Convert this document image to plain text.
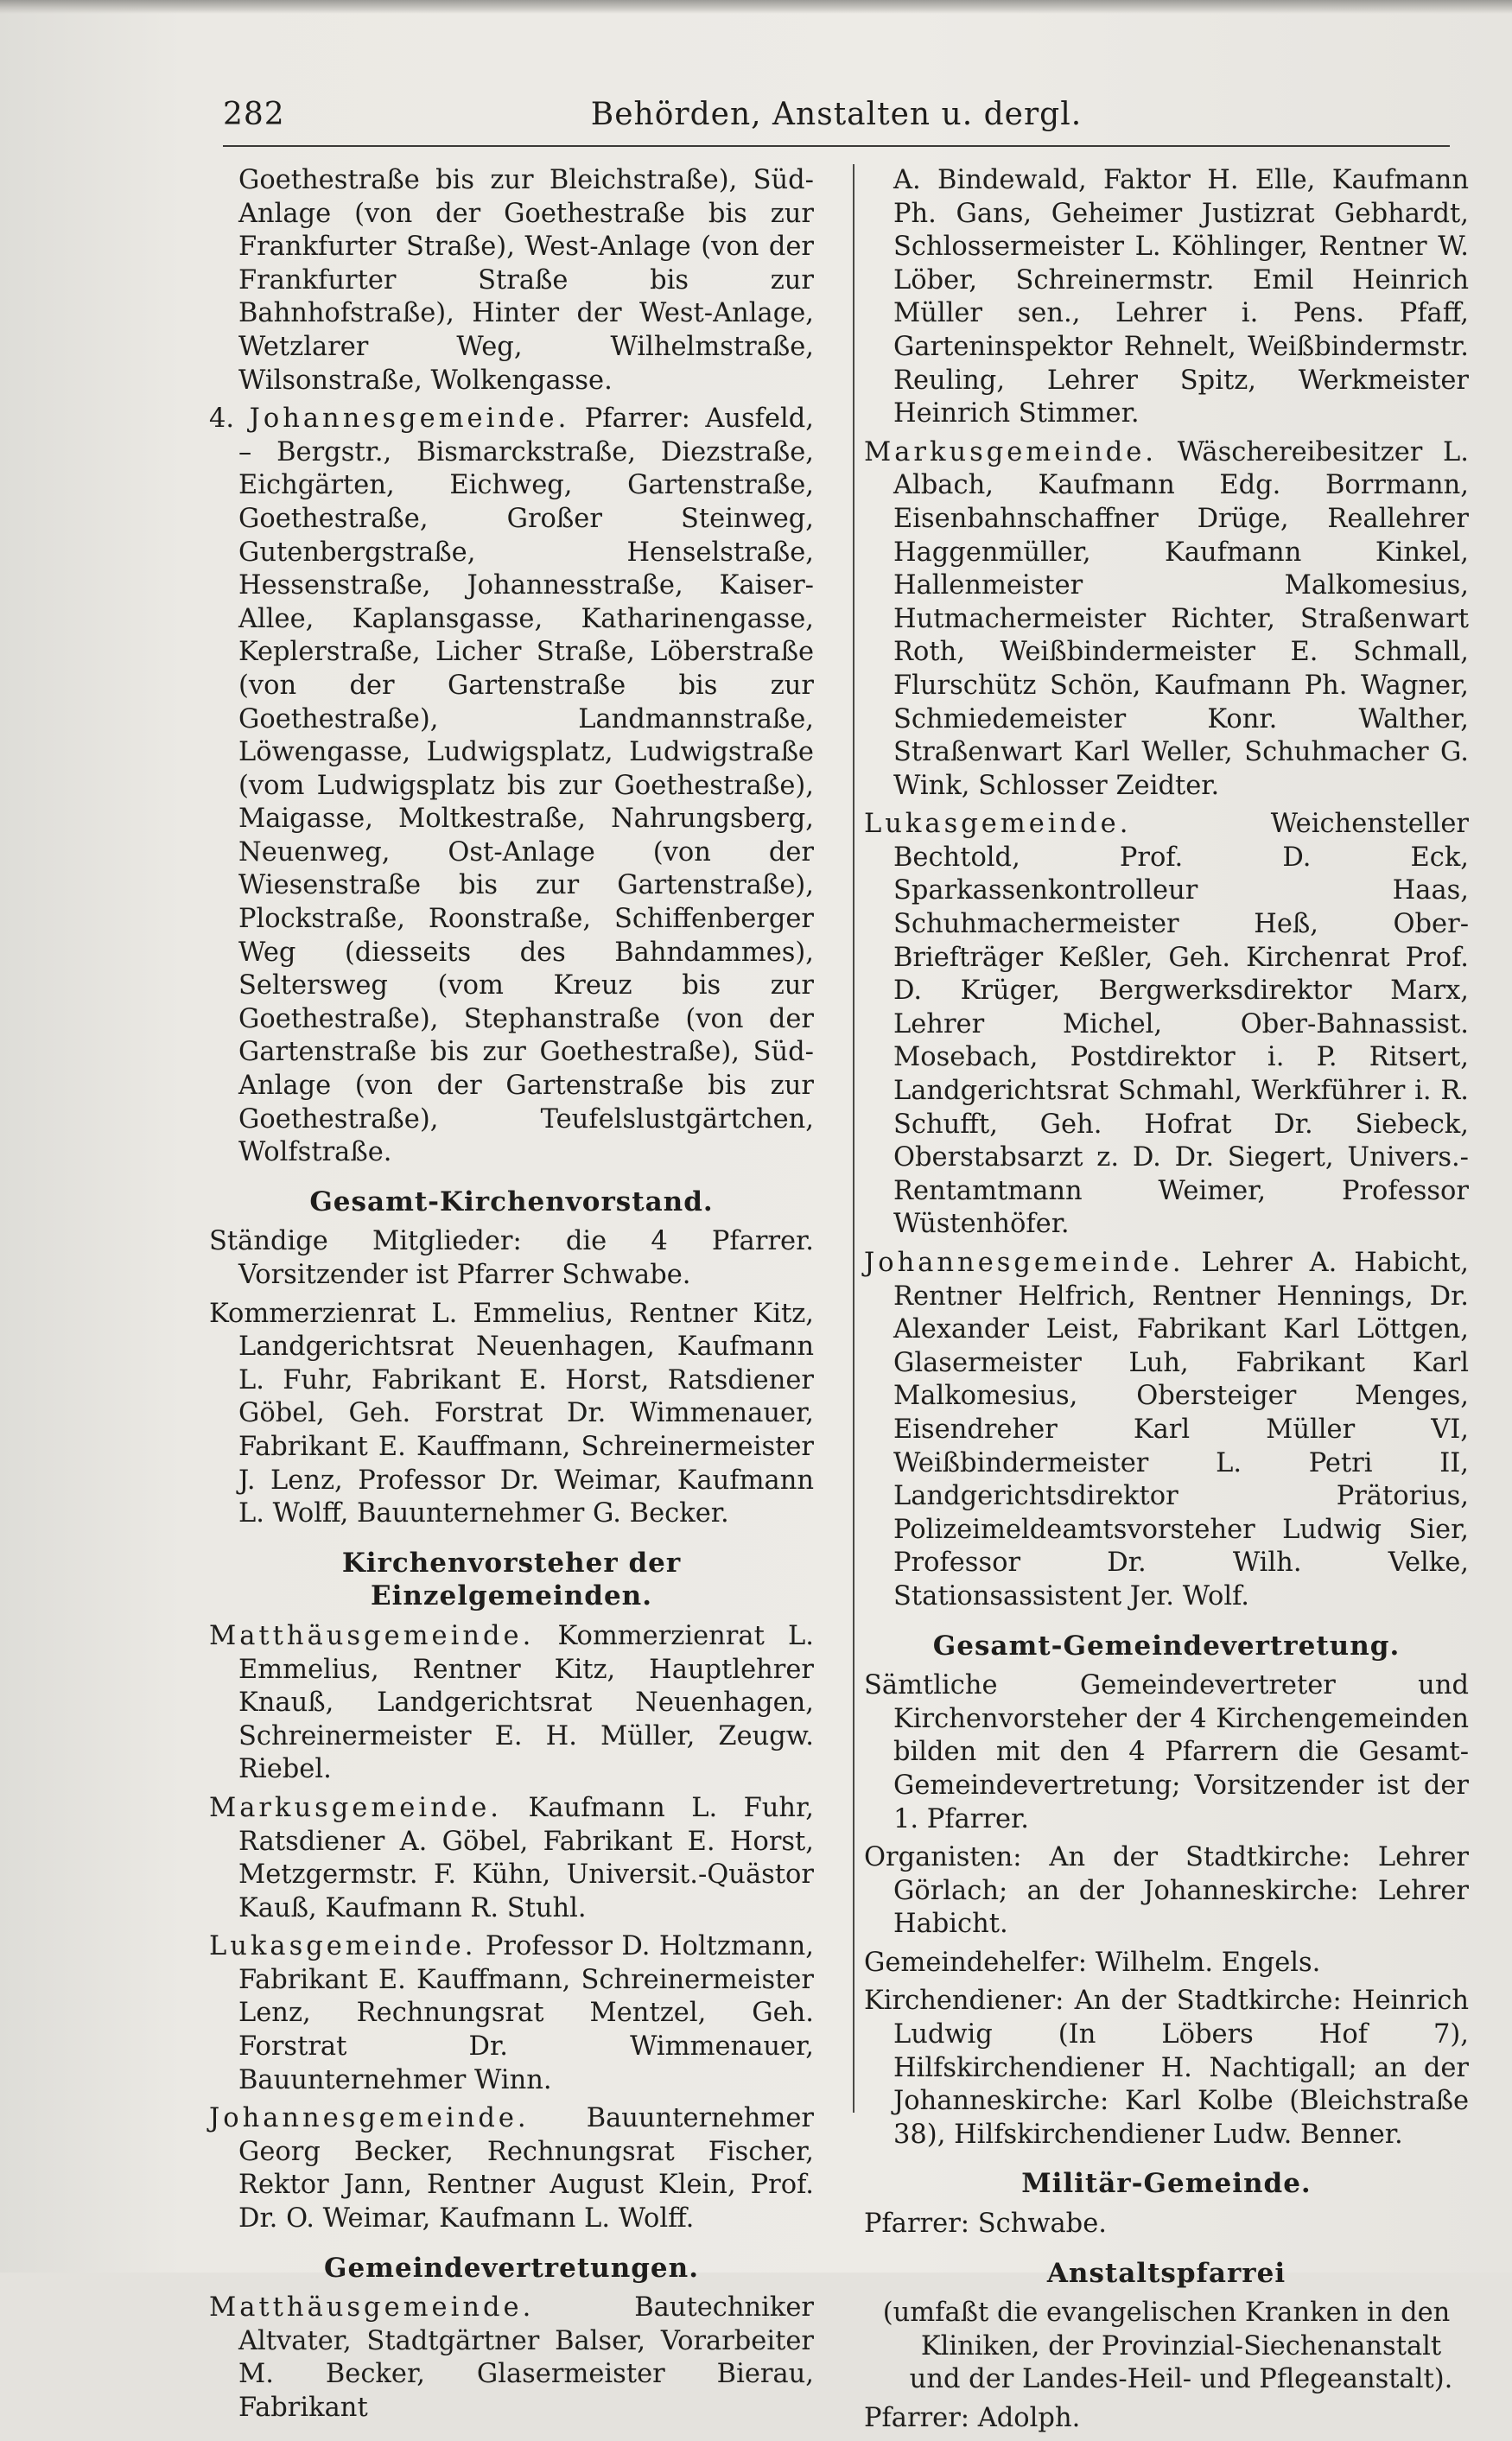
282	Behörden, Anstalten u. dergl.

Goethestraße bis zur Bleichstraße), Süd-Anlage (von der Goethestraße bis zur Frankfurter Straße), West-Anlage (von der Frankfurter Straße bis zur Bahnhofstraße), Hinter der West-Anlage, Wetzlarer Weg, Wilhelmstraße, Wilsonstraße, Wolkengasse.

4. Johannesgemeinde. Pfarrer: Ausfeld, – Bergstr., Bismarckstraße, Diezstraße, Eichgärten, Eichweg, Gartenstraße, Goethestraße, Großer Steinweg, Gutenbergstraße, Henselstraße, Hessenstraße, Johannesstraße, Kaiser-Allee, Kaplansgasse, Katharinengasse, Keplerstraße, Licher Straße, Löberstraße (von der Gartenstraße bis zur Goethestraße), Landmannstraße, Löwengasse, Ludwigsplatz, Ludwigstraße (vom Ludwigsplatz bis zur Goethestraße), Maigasse, Moltkestraße, Nahrungsberg, Neuenweg, Ost-Anlage (von der Wiesenstraße bis zur Gartenstraße), Plockstraße, Roonstraße, Schiffenberger Weg (diesseits des Bahndammes), Seltersweg (vom Kreuz bis zur Goethestraße), Stephanstraße (von der Gartenstraße bis zur Goethestraße), Süd-Anlage (von der Gartenstraße bis zur Goethestraße), Teufelslustgärtchen, Wolfstraße.

Gesamt-Kirchenvorstand.

Ständige Mitglieder: die 4 Pfarrer. Vorsitzender ist Pfarrer Schwabe.

Kommerzienrat L. Emmelius, Rentner Kitz, Landgerichtsrat Neuenhagen, Kaufmann L. Fuhr, Fabrikant E. Horst, Ratsdiener Göbel, Geh. Forstrat Dr. Wimmenauer, Fabrikant E. Kauffmann, Schreinermeister J. Lenz, Professor Dr. Weimar, Kaufmann L. Wolff, Bauunternehmer G. Becker.

Kirchenvorsteher der Einzelgemeinden.

Matthäusgemeinde. Kommerzienrat L. Emmelius, Rentner Kitz, Hauptlehrer Knauß, Landgerichtsrat Neuenhagen, Schreinermeister E. H. Müller, Zeugw. Riebel.

Markusgemeinde. Kaufmann L. Fuhr, Ratsdiener A. Göbel, Fabrikant E. Horst, Metzgermstr. F. Kühn, Universit.-Quästor Kauß, Kaufmann R. Stuhl.

Lukasgemeinde. Professor D. Holtzmann, Fabrikant E. Kauffmann, Schreinermeister Lenz, Rechnungsrat Mentzel, Geh. Forstrat Dr. Wimmenauer, Bauunternehmer Winn.

Johannesgemeinde. Bauunternehmer Georg Becker, Rechnungsrat Fischer, Rektor Jann, Rentner August Klein, Prof. Dr. O. Weimar, Kaufmann L. Wolff.

Gemeindevertretungen.

Matthäusgemeinde. Bautechniker Altvater, Stadtgärtner Balser, Vorarbeiter M. Becker, Glasermeister Bierau, Fabrikant

A. Bindewald, Faktor H. Elle, Kaufmann Ph. Gans, Geheimer Justizrat Gebhardt, Schlossermeister L. Köhlinger, Rentner W. Löber, Schreinermstr. Emil Heinrich Müller sen., Lehrer i. Pens. Pfaff, Garteninspektor Rehnelt, Weißbindermstr. Reuling, Lehrer Spitz, Werkmeister Heinrich Stimmer.

Markusgemeinde. Wäschereibesitzer L. Albach, Kaufmann Edg. Borrmann, Eisenbahnschaffner Drüge, Reallehrer Haggenmüller, Kaufmann Kinkel, Hallenmeister Malkomesius, Hutmachermeister Richter, Straßenwart Roth, Weißbindermeister E. Schmall, Flurschütz Schön, Kaufmann Ph. Wagner, Schmiedemeister Konr. Walther, Straßenwart Karl Weller, Schuhmacher G. Wink, Schlosser Zeidter.

Lukasgemeinde. Weichensteller Bechtold, Prof. D. Eck, Sparkassenkontrolleur Haas, Schuhmachermeister Heß, Ober-Briefträger Keßler, Geh. Kirchenrat Prof. D. Krüger, Bergwerksdirektor Marx, Lehrer Michel, Ober-Bahnassist. Mosebach, Postdirektor i. P. Ritsert, Landgerichtsrat Schmahl, Werkführer i. R. Schufft, Geh. Hofrat Dr. Siebeck, Oberstabsarzt z. D. Dr. Siegert, Univers.-Rentamtmann Weimer, Professor Wüstenhöfer.

Johannesgemeinde. Lehrer A. Habicht, Rentner Helfrich, Rentner Hennings, Dr. Alexander Leist, Fabrikant Karl Löttgen, Glasermeister Luh, Fabrikant Karl Malkomesius, Obersteiger Menges, Eisendreher Karl Müller VI, Weißbindermeister L. Petri II, Landgerichtsdirektor Prätorius, Polizeimeldeamtsvorsteher Ludwig Sier, Professor Dr. Wilh. Velke, Stationsassistent Jer. Wolf.

Gesamt-Gemeindevertretung.

Sämtliche Gemeindevertreter und Kirchenvorsteher der 4 Kirchengemeinden bilden mit den 4 Pfarrern die Gesamt-Gemeindevertretung; Vorsitzender ist der 1. Pfarrer.

Organisten: An der Stadtkirche: Lehrer Görlach; an der Johanneskirche: Lehrer Habicht.

Gemeindehelfer: Wilhelm. Engels.

Kirchendiener: An der Stadtkirche: Heinrich Ludwig (In Löbers Hof 7), Hilfskirchendiener H. Nachtigall; an der Johanneskirche: Karl Kolbe (Bleichstraße 38), Hilfskirchendiener Ludw. Benner.

Militär-Gemeinde.

Pfarrer: Schwabe.

Anstaltspfarrei

(umfaßt die evangelischen Kranken in den Kliniken, der Provinzial-Siechenanstalt und der Landes-Heil- und Pflegeanstalt).

Pfarrer: Adolph.
